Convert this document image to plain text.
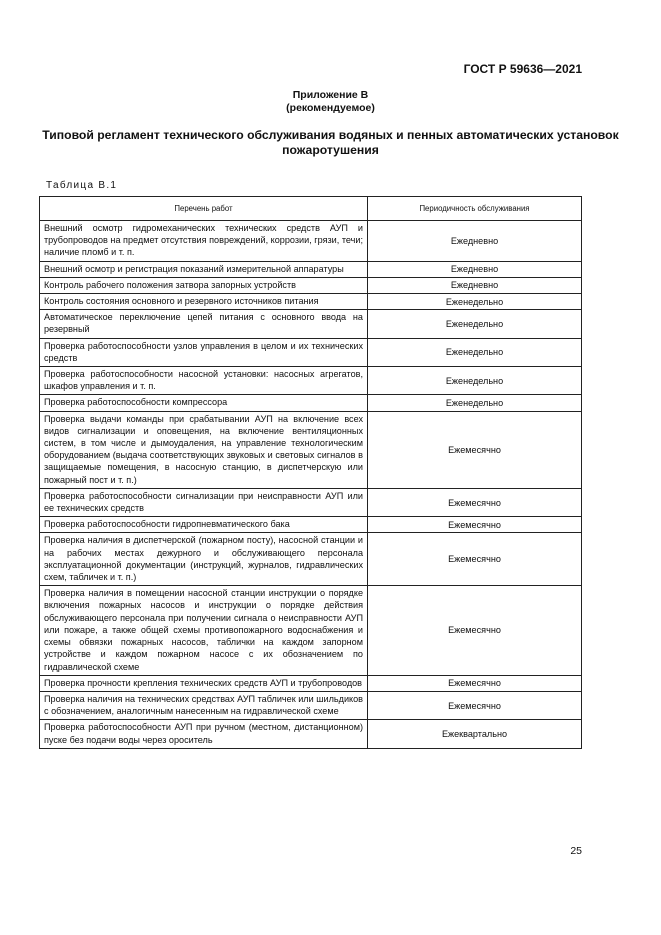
ГОСТ Р 59636—2021
Приложение В
(рекомендуемое)
Типовой регламент технического обслуживания водяных и пенных автоматических установок пожаротушения
Таблица В.1
Перечень работ	Периодичность обслуживания
Внешний осмотр гидромеханических технических средств АУП и трубопроводов на предмет отсутствия повреждений, коррозии, грязи, течи; наличие пломб и т. п.	Ежедневно
Внешний осмотр и регистрация показаний измерительной аппаратуры	Ежедневно
Контроль рабочего положения затвора запорных устройств	Ежедневно
Контроль состояния основного и резервного источников питания	Еженедельно
Автоматическое переключение цепей питания с основного ввода на резервный	Еженедельно
Проверка работоспособности узлов управления в целом и их технических средств	Еженедельно
Проверка работоспособности насосной установки: насосных агрегатов, шкафов управления и т. п.	Еженедельно
Проверка работоспособности компрессора	Еженедельно
Проверка выдачи команды при срабатывании АУП на включение всех видов сигнализации и оповещения, на включение вентиляционных систем, в том числе и дымоудаления, на управление технологическим оборудованием (выдача соответствующих звуковых и световых сигналов в защищаемые помещения, в насосную станцию, в диспетчерскую или пожарный пост и т. п.)	Ежемесячно
Проверка работоспособности сигнализации при неисправности АУП или ее технических средств	Ежемесячно
Проверка работоспособности гидропневматического бака	Ежемесячно
Проверка наличия в диспетчерской (пожарном посту), насосной станции и на рабочих местах дежурного и обслуживающего персонала эксплуатационной документации (инструкций, журналов, гидравлических схем, табличек и т. п.)	Ежемесячно
Проверка наличия в помещении насосной станции инструкции о порядке включения пожарных насосов и инструкции о порядке действия обслуживающего персонала при получении сигнала о неисправности АУП или пожаре, а также общей схемы противопожарного водоснабжения и схемы обвязки пожарных насосов, таблички на каждом запорном устройстве и каждом пожарном насосе с их обозначением по гидравлической схеме	Ежемесячно
Проверка прочности крепления технических средств АУП и трубопроводов	Ежемесячно
Проверка наличия на технических средствах АУП табличек или шильдиков с обозначением, аналогичным нанесенным на гидравлической схеме	Ежемесячно
Проверка работоспособности АУП при ручном (местном, дистанционном) пуске без подачи воды через ороситель	Ежеквартально
25
